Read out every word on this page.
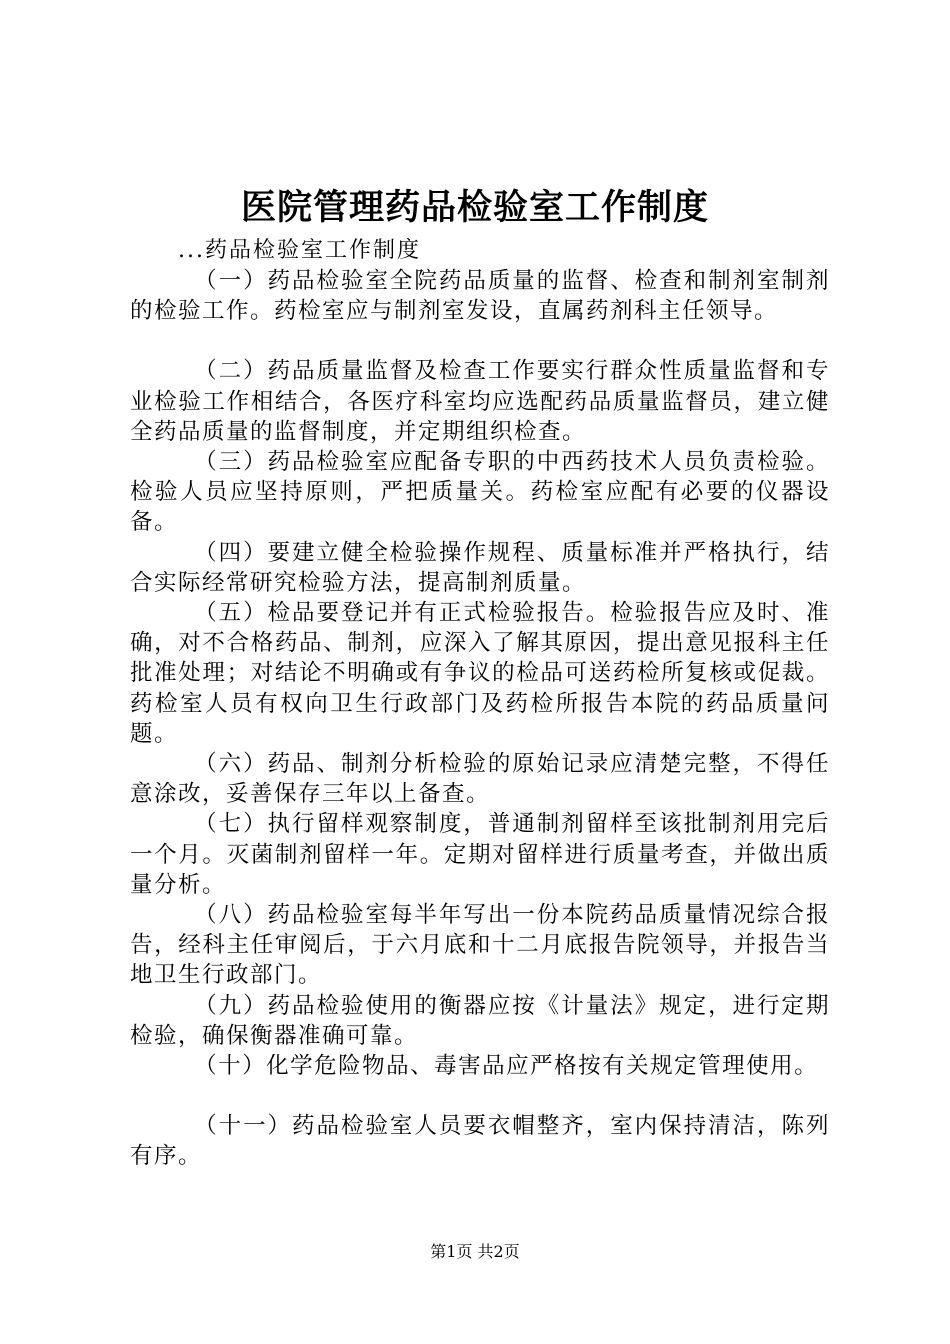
医院管理药品检验室工作制度
...药品检验室工作制度

（一）药品检验室全院药品质量的监督、检查和制剂室制剂的检验工作。药检室应与制剂室发设，直属药剂科主任领导。

（二）药品质量监督及检查工作要实行群众性质量监督和专业检验工作相结合，各医疗科室均应选配药品质量监督员，建立健全药品质量的监督制度，并定期组织检查。

（三）药品检验室应配备专职的中西药技术人员负责检验。检验人员应坚持原则，严把质量关。药检室应配有必要的仪器设备。

（四）要建立健全检验操作规程、质量标准并严格执行，结合实际经常研究检验方法，提高制剂质量。

（五）检品要登记并有正式检验报告。检验报告应及时、准确，对不合格药品、制剂，应深入了解其原因，提出意见报科主任批准处理；对结论不明确或有争议的检品可送药检所复核或促裁。药检室人员有权向卫生行政部门及药检所报告本院的药品质量问题。

（六）药品、制剂分析检验的原始记录应清楚完整，不得任意涂改，妥善保存三年以上备查。

（七）执行留样观察制度，普通制剂留样至该批制剂用完后一个月。灭菌制剂留样一年。定期对留样进行质量考查，并做出质量分析。

（八）药品检验室每半年写出一份本院药品质量情况综合报告，经科主任审阅后，于六月底和十二月底报告院领导，并报告当地卫生行政部门。

（九）药品检验使用的衡器应按《计量法》规定，进行定期检验，确保衡器准确可靠。

（十）化学危险物品、毒害品应严格按有关规定管理使用。

（十一）药品检验室人员要衣帽整齐，室内保持清洁，陈列有序。

第1页 共2页
